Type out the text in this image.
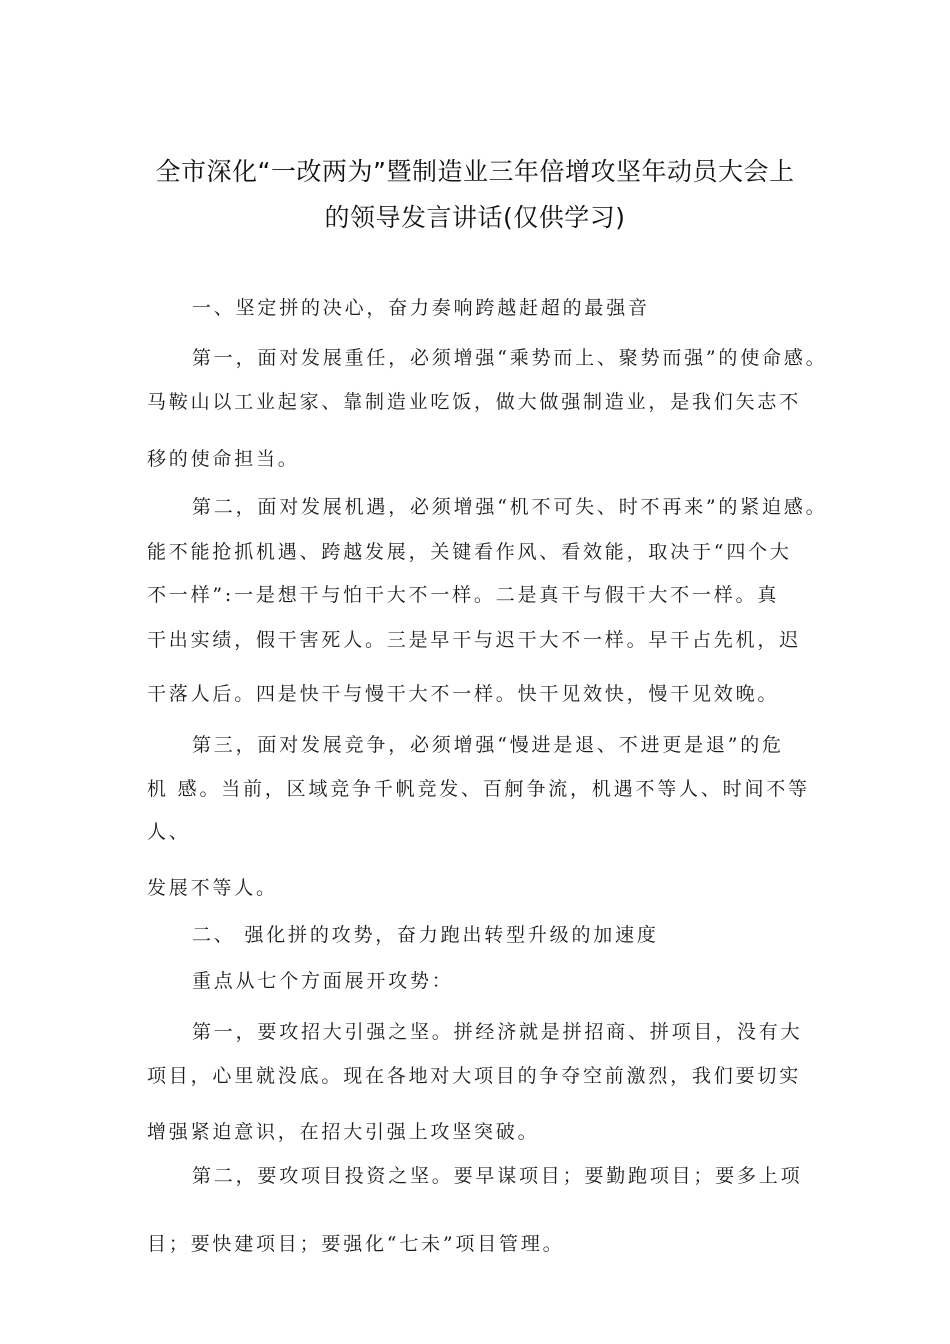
全市深化“一改两为”暨制造业三年倍增攻坚年动员大会上
的领导发言讲话(仅供学习)
一、坚定拼的决心，奋力奏响跨越赶超的最强音
第一，面对发展重任，必须增强“乘势而上、聚势而强”的使命感。
马鞍山以工业起家、靠制造业吃饭，做大做强制造业，是我们矢志不
移的使命担当。
第二，面对发展机遇，必须增强“机不可失、时不再来”的紧迫感。
能不能抢抓机遇、跨越发展，关键看作风、看效能，取决于“四个大
不一样”:一是想干与怕干大不一样。二是真干与假干大不一样。真
干出实绩，假干害死人。三是早干与迟干大不一样。早干占先机，迟
干落人后。四是快干与慢干大不一样。快干见效快，慢干见效晚。
第三，面对发展竞争，必须增强“慢进是退、不进更是退”的危
机 感。当前，区域竞争千帆竞发、百舸争流，机遇不等人、时间不等
人、
发展不等人。
二、 强化拼的攻势，奋力跑出转型升级的加速度
重点从七个方面展开攻势：
第一，要攻招大引强之坚。拼经济就是拼招商、拼项目，没有大
项目，心里就没底。现在各地对大项目的争夺空前激烈，我们要切实
增强紧迫意识，在招大引强上攻坚突破。
第二，要攻项目投资之坚。要早谋项目；要勤跑项目；要多上项
目；要快建项目；要强化“七未”项目管理。
